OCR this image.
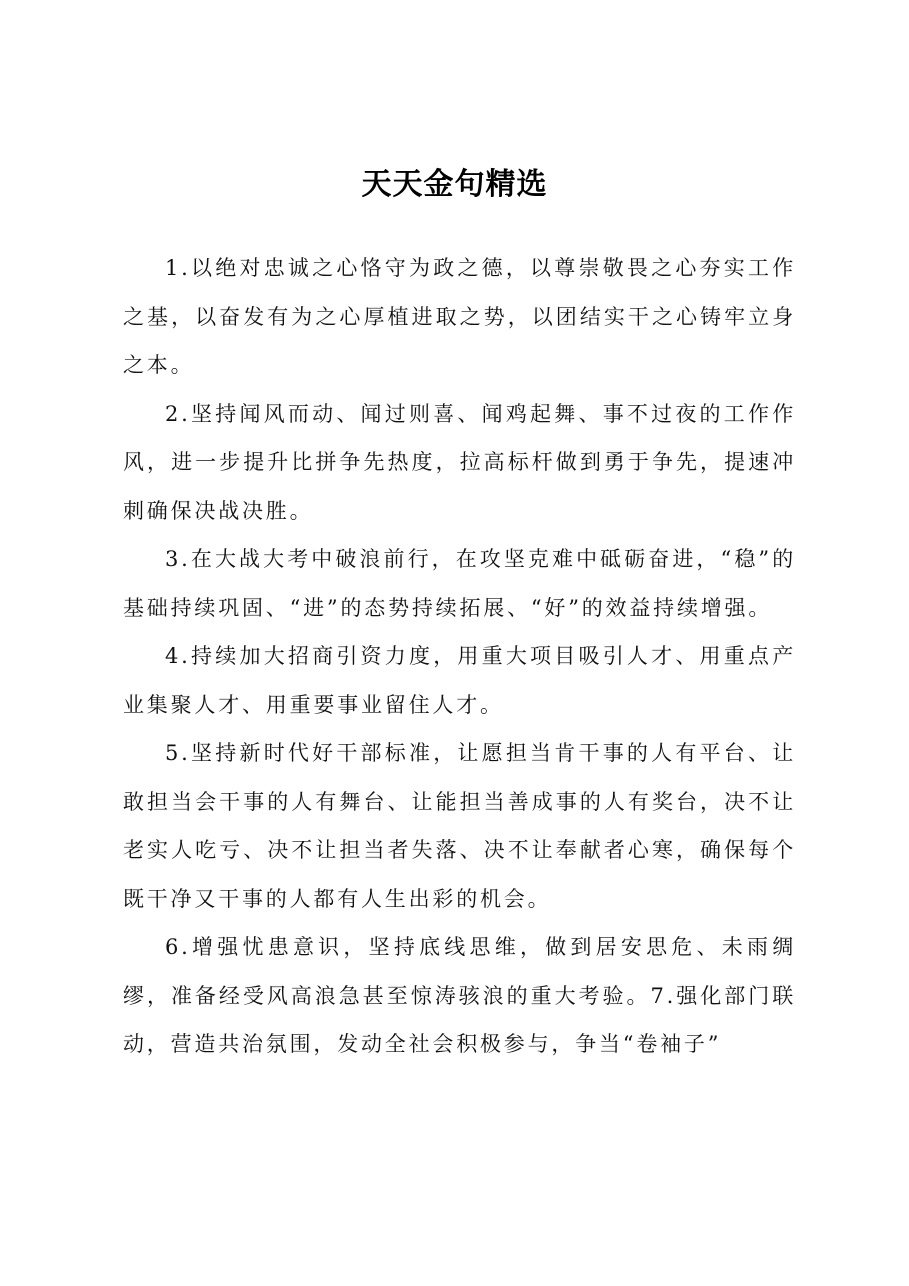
天天金句精选

1.以绝对忠诚之心恪守为政之德，以尊崇敬畏之心夯实工作之基，以奋发有为之心厚植进取之势，以团结实干之心铸牢立身之本。

2.坚持闻风而动、闻过则喜、闻鸡起舞、事不过夜的工作作风，进一步提升比拼争先热度，拉高标杆做到勇于争先，提速冲刺确保决战决胜。

3.在大战大考中破浪前行，在攻坚克难中砥砺奋进，“稳”的基础持续巩固、“进”的态势持续拓展、“好”的效益持续增强。

4.持续加大招商引资力度，用重大项目吸引人才、用重点产业集聚人才、用重要事业留住人才。

5.坚持新时代好干部标准，让愿担当肯干事的人有平台、让敢担当会干事的人有舞台、让能担当善成事的人有奖台，决不让老实人吃亏、决不让担当者失落、决不让奉献者心寒，确保每个既干净又干事的人都有人生出彩的机会。

6.增强忧患意识，坚持底线思维，做到居安思危、未雨绸缪，准备经受风高浪急甚至惊涛骇浪的重大考验。7.强化部门联动，营造共治氛围，发动全社会积极参与，争当“卷袖子”
